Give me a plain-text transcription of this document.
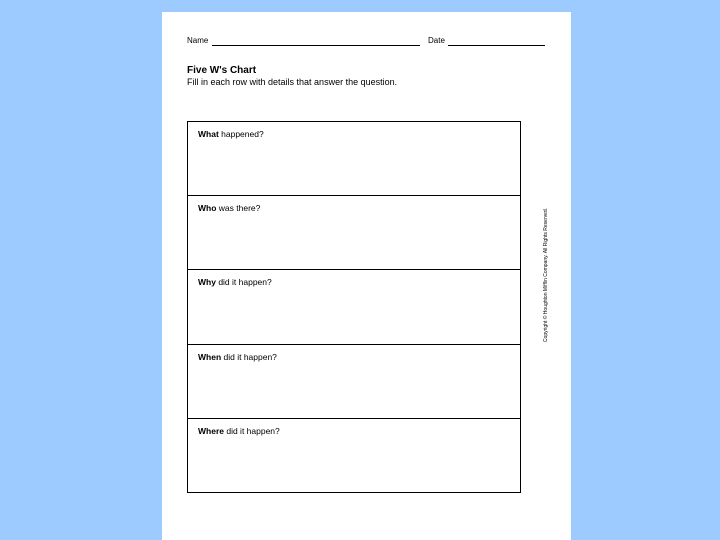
Name	Date
Five W's Chart
Fill in each row with details that answer the question.
What happened?
Who was there?
Why did it happen?
When did it happen?
Where did it happen?
Copyright © Houghton Mifflin Company. All Rights Reserved.
